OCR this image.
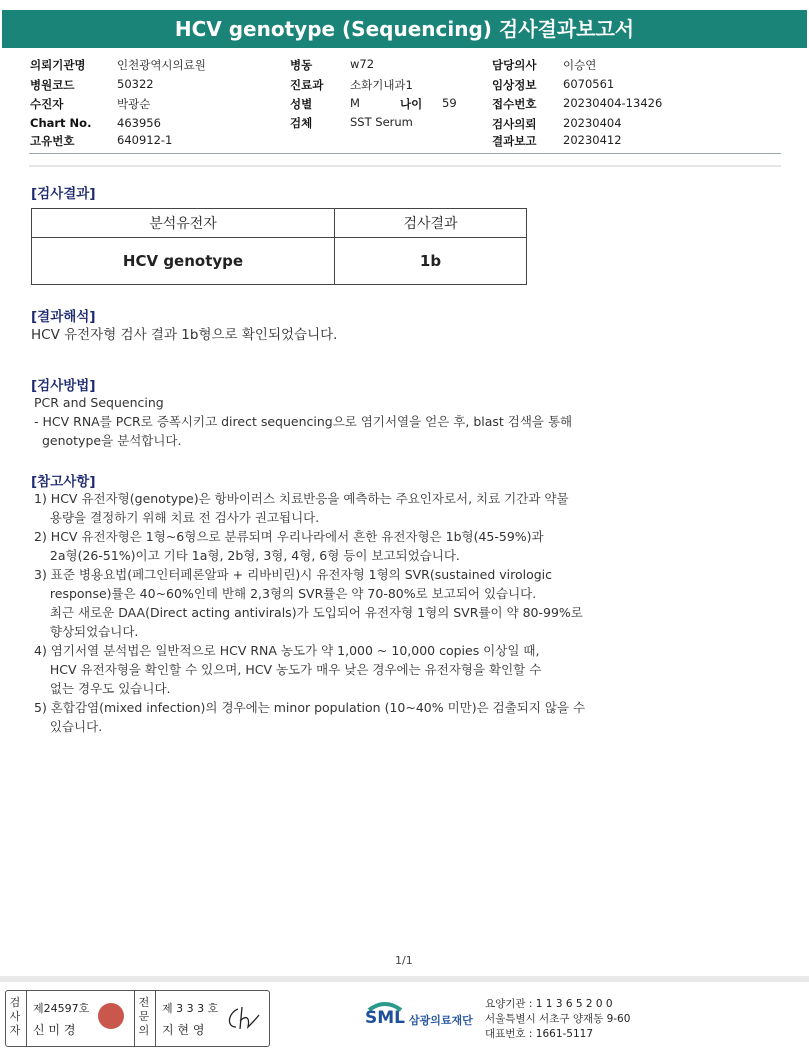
HCV genotype (Sequencing) 검사결과보고서
의뢰기관명	인천광역시의료원
병원코드	50322
수진자	박광순
Chart No. 463956
고유번호	640912-1
병동	w72
진료과 소화기내과1
성별	M	나이 59
검체	SST Serum
담당의사 이승연
임상정보 6070561
접수번호 20230404-13426
검사의뢰 20230404
결과보고 20230412
[검사결과]
분석유전자	검사결과
HCV genotype	1b
[결과해석]
HCV 유전자형 검사 결과 1b형으로 확인되었습니다.
[검사방법]
PCR and Sequencing
- HCV RNA를 PCR로 증폭시키고 direct sequencing으로 염기서열을 얻은 후, blast 검색을 통해
genotype을 분석합니다.
[참고사항]
1) HCV 유전자형(genotype)은 항바이러스 치료반응을 예측하는 주요인자로서, 치료 기간과 약물
용량을 결정하기 위해 치료 전 검사가 권고됩니다.
2) HCV 유전자형은 1형~6형으로 분류되며 우리나라에서 흔한 유전자형은 1b형(45-59%)과
2a형(26-51%)이고 기타 1a형, 2b형, 3형, 4형, 6형 등이 보고되었습니다.
3) 표준 병용요법(페그인터페론알파 + 리바비린)시 유전자형 1형의 SVR(sustained virologic
response)률은 40~60%인데 반해 2,3형의 SVR률은 약 70-80%로 보고되어 있습니다.
최근 새로운 DAA(Direct acting antivirals)가 도입되어 유전자형 1형의 SVR률이 약 80-99%로
향상되었습니다.
4) 염기서열 분석법은 일반적으로 HCV RNA 농도가 약 1,000 ~ 10,000 copies 이상일 때,
HCV 유전자형을 확인할 수 있으며, HCV 농도가 매우 낮은 경우에는 유전자형을 확인할 수
없는 경우도 있습니다.
5) 혼합감염(mixed infection)의 경우에는 minor population (10~40% 미만)은 검출되지 않을 수
있습니다.
1/1
검
사
자
제24597호
신 미 경
전
문
의
제 3 3 3 호
지 현 영
SML 삼광의료재단
요양기관 : 1 1 3 6 5 2 0 0
서울특별시 서초구 양재동 9-60
대표번호 : 1661-5117
